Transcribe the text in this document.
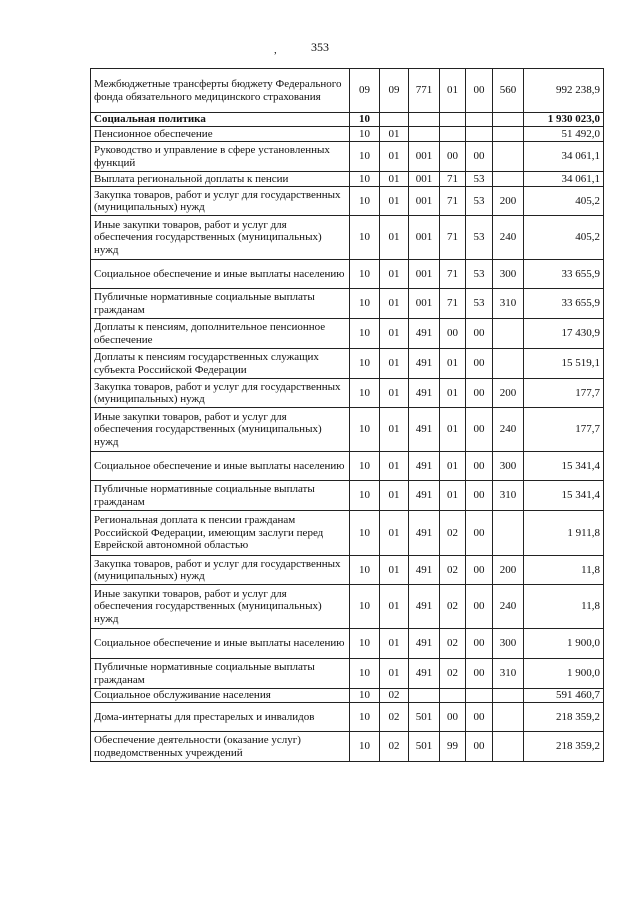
353
,
Межбюджетные трансферты бюджету Федерального фонда обязательного медицинского страхования	09	09	771	01	00	560	992 238,9
Социальная политика	10						1 930 023,0
Пенсионное обеспечение	10	01					51 492,0
Руководство и управление в сфере установленных функций	10	01	001	00	00		34 061,1
Выплата региональной доплаты к пенсии	10	01	001	71	53		34 061,1
Закупка товаров, работ и услуг для государственных (муниципальных) нужд	10	01	001	71	53	200	405,2
Иные закупки товаров, работ и услуг для обеспечения государственных (муниципальных) нужд	10	01	001	71	53	240	405,2
Социальное обеспечение и иные выплаты населению	10	01	001	71	53	300	33 655,9
Публичные нормативные социальные выплаты гражданам	10	01	001	71	53	310	33 655,9
Доплаты к пенсиям, дополнительное пенсионное обеспечение	10	01	491	00	00		17 430,9
Доплаты к пенсиям государственных служащих субъекта Российской Федерации	10	01	491	01	00		15 519,1
Закупка товаров, работ и услуг для государственных (муниципальных) нужд	10	01	491	01	00	200	177,7
Иные закупки товаров, работ и услуг для обеспечения государственных (муниципальных) нужд	10	01	491	01	00	240	177,7
Социальное обеспечение и иные выплаты населению	10	01	491	01	00	300	15 341,4
Публичные нормативные социальные выплаты гражданам	10	01	491	01	00	310	15 341,4
Региональная доплата к пенсии гражданам Российской Федерации, имеющим заслуги перед Еврейской автономной областью	10	01	491	02	00		1 911,8
Закупка товаров, работ и услуг для государственных (муниципальных) нужд	10	01	491	02	00	200	11,8
Иные закупки товаров, работ и услуг для обеспечения государственных (муниципальных) нужд	10	01	491	02	00	240	11,8
Социальное обеспечение и иные выплаты населению	10	01	491	02	00	300	1 900,0
Публичные нормативные социальные выплаты гражданам	10	01	491	02	00	310	1 900,0
Социальное обслуживание населения	10	02					591 460,7
Дома-интернаты для престарелых и инвалидов	10	02	501	00	00		218 359,2
Обеспечение деятельности (оказание услуг) подведомственных учреждений	10	02	501	99	00		218 359,2
